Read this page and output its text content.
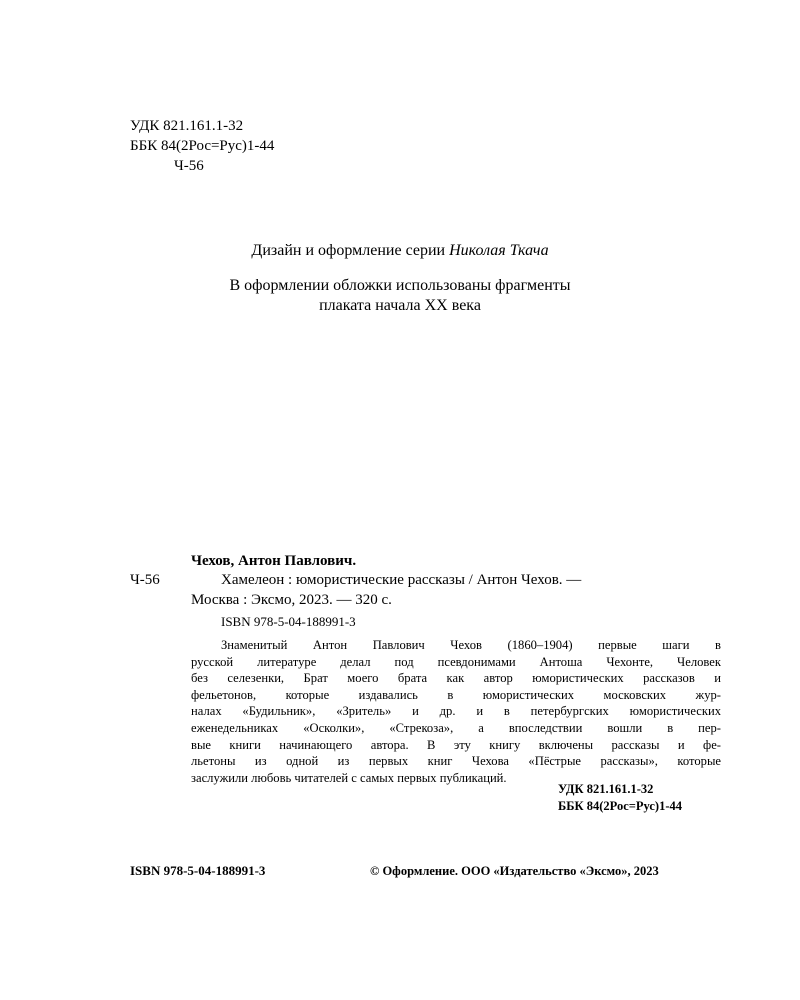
УДК 821.161.1-32
ББК 84(2Рос=Рус)1-44
Ч-56
Дизайн и оформление серии Николая Ткача
В оформлении обложки использованы фрагменты
плаката начала XX века
Чехов, Антон Павлович.
Ч-56	Хамелеон : юмористические рассказы / Антон Чехов. —
Москва : Эксмо, 2023. — 320 с.
ISBN 978-5-04-188991-3
Знаменитый Антон Павлович Чехов (1860–1904) первые шаги в
русской литературе делал под псевдонимами Антоша Чехонте, Человек
без селезенки, Брат моего брата как автор юмористических рассказов и
фельетонов, которые издавались в юмористических московских жур-
налах «Будильник», «Зритель» и др. и в петербургских юмористических
еженедельниках «Осколки», «Стрекоза», а впоследствии вошли в пер-
вые книги начинающего автора. В эту книгу включены рассказы и фе-
льетоны из одной из первых книг Чехова «Пёстрые рассказы», которые
заслужили любовь читателей с самых первых публикаций.
УДК 821.161.1-32
ББК 84(2Рос=Рус)1-44
ISBN 978-5-04-188991-3	© Оформление. ООО «Издательство «Эксмо», 2023
